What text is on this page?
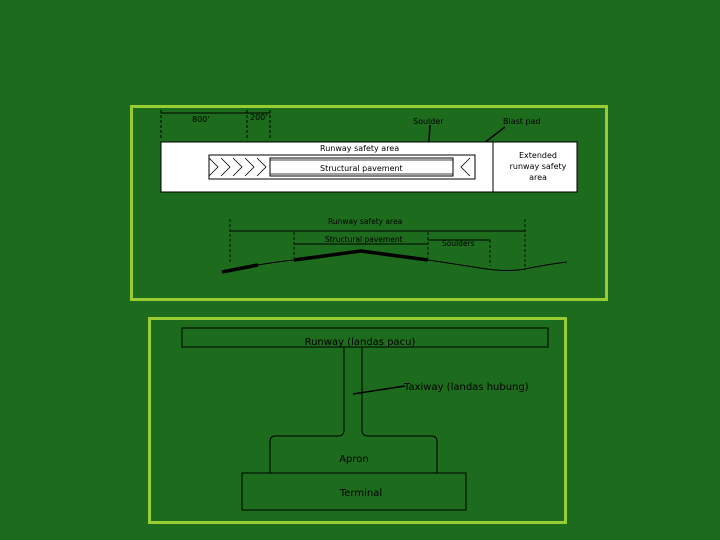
800'	200'	Soulder	Blast pad
Runway safety area
Structural pavement
Extended
runway safety
area
Runway safety area
Structural pavement	Soulders
Runway (landas pacu)
Taxiway (landas hubung)
Apron
Terminal
